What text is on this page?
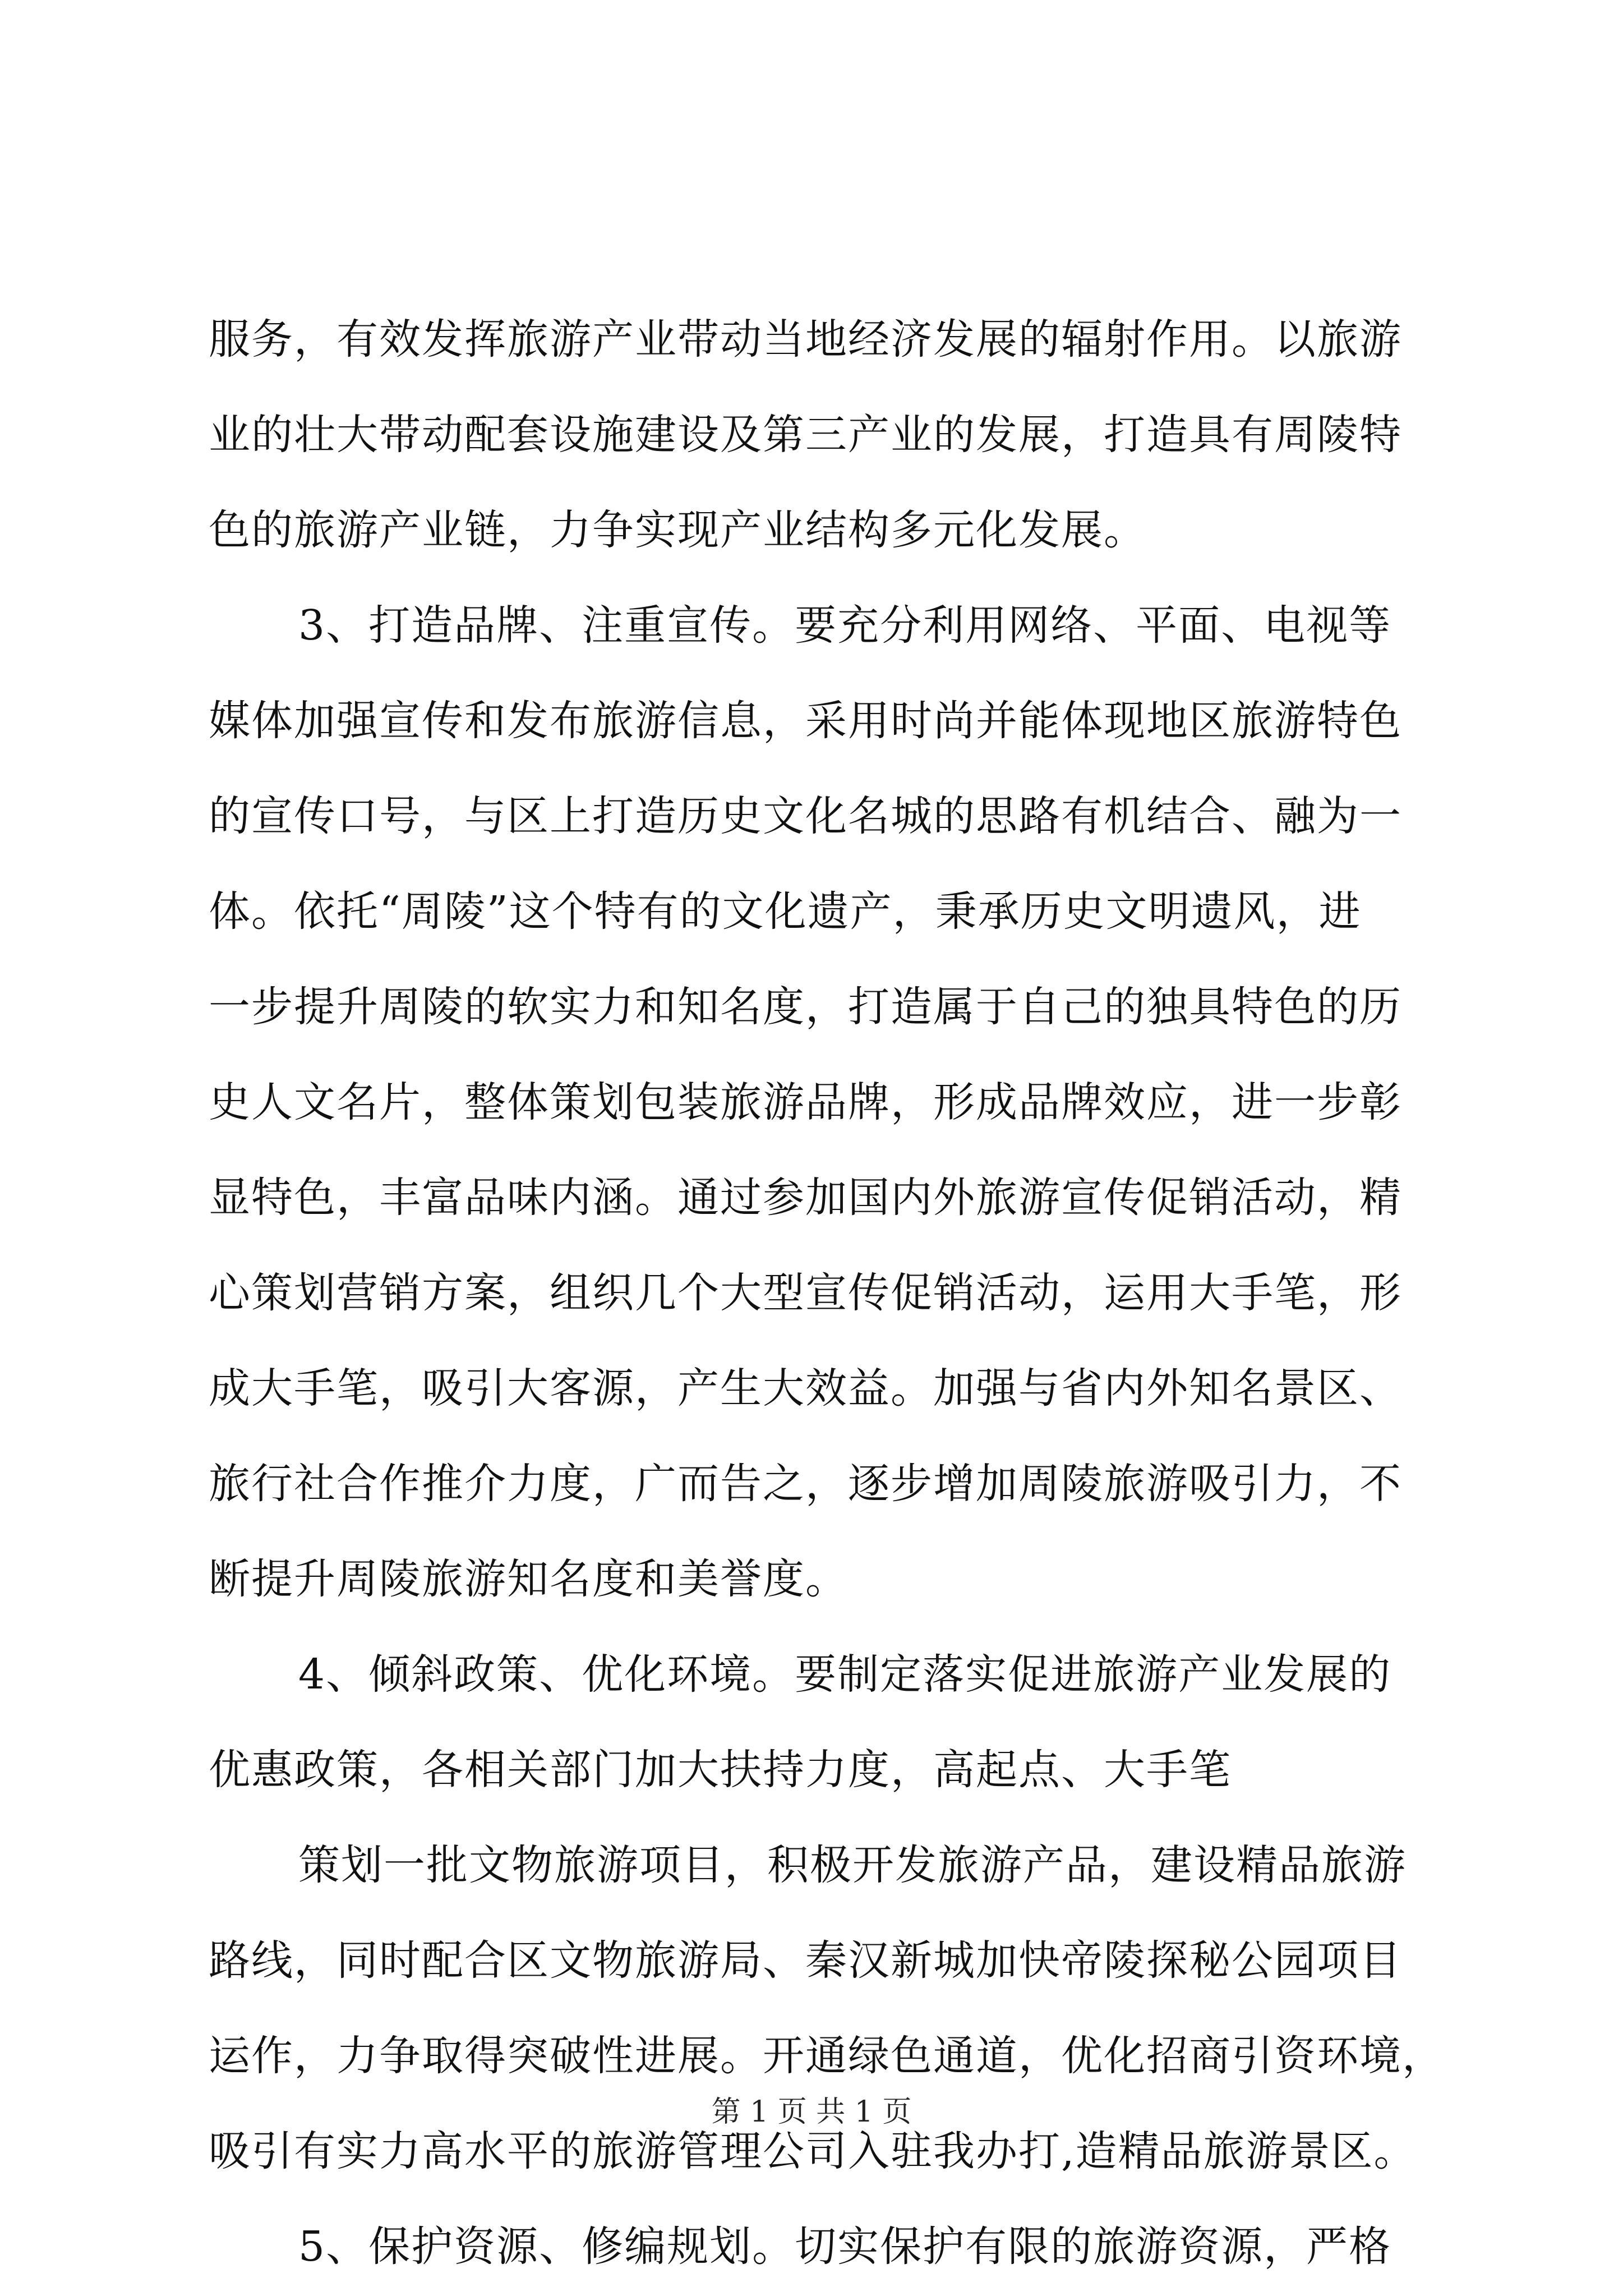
服务，有效发挥旅游产业带动当地经济发展的辐射作用。以旅游
业的壮大带动配套设施建设及第三产业的发展，打造具有周陵特
色的旅游产业链，力争实现产业结构多元化发展。
3、打造品牌、注重宣传。要充分利用网络、平面、电视等
媒体加强宣传和发布旅游信息，采用时尚并能体现地区旅游特色
的宣传口号，与区上打造历史文化名城的思路有机结合、融为一
体。依托“周陵”这个特有的文化遗产，秉承历史文明遗风，进
一步提升周陵的软实力和知名度，打造属于自己的独具特色的历
史人文名片，整体策划包装旅游品牌，形成品牌效应，进一步彰
显特色，丰富品味内涵。通过参加国内外旅游宣传促销活动，精
心策划营销方案，组织几个大型宣传促销活动，运用大手笔，形
成大手笔，吸引大客源，产生大效益。加强与省内外知名景区、
旅行社合作推介力度，广而告之，逐步增加周陵旅游吸引力，不
断提升周陵旅游知名度和美誉度。
4、倾斜政策、优化环境。要制定落实促进旅游产业发展的
优惠政策，各相关部门加大扶持力度，高起点、大手笔
策划一批文物旅游项目，积极开发旅游产品，建设精品旅游
路线，同时配合区文物旅游局、秦汉新城加快帝陵探秘公园项目
运作，力争取得突破性进展。开通绿色通道，优化招商引资环境，
吸引有实力高水平的旅游管理公司入驻我办打,造精品旅游景区。
5、保护资源、修编规划。切实保护有限的旅游资源，严格
第 1 页 共 1 页
